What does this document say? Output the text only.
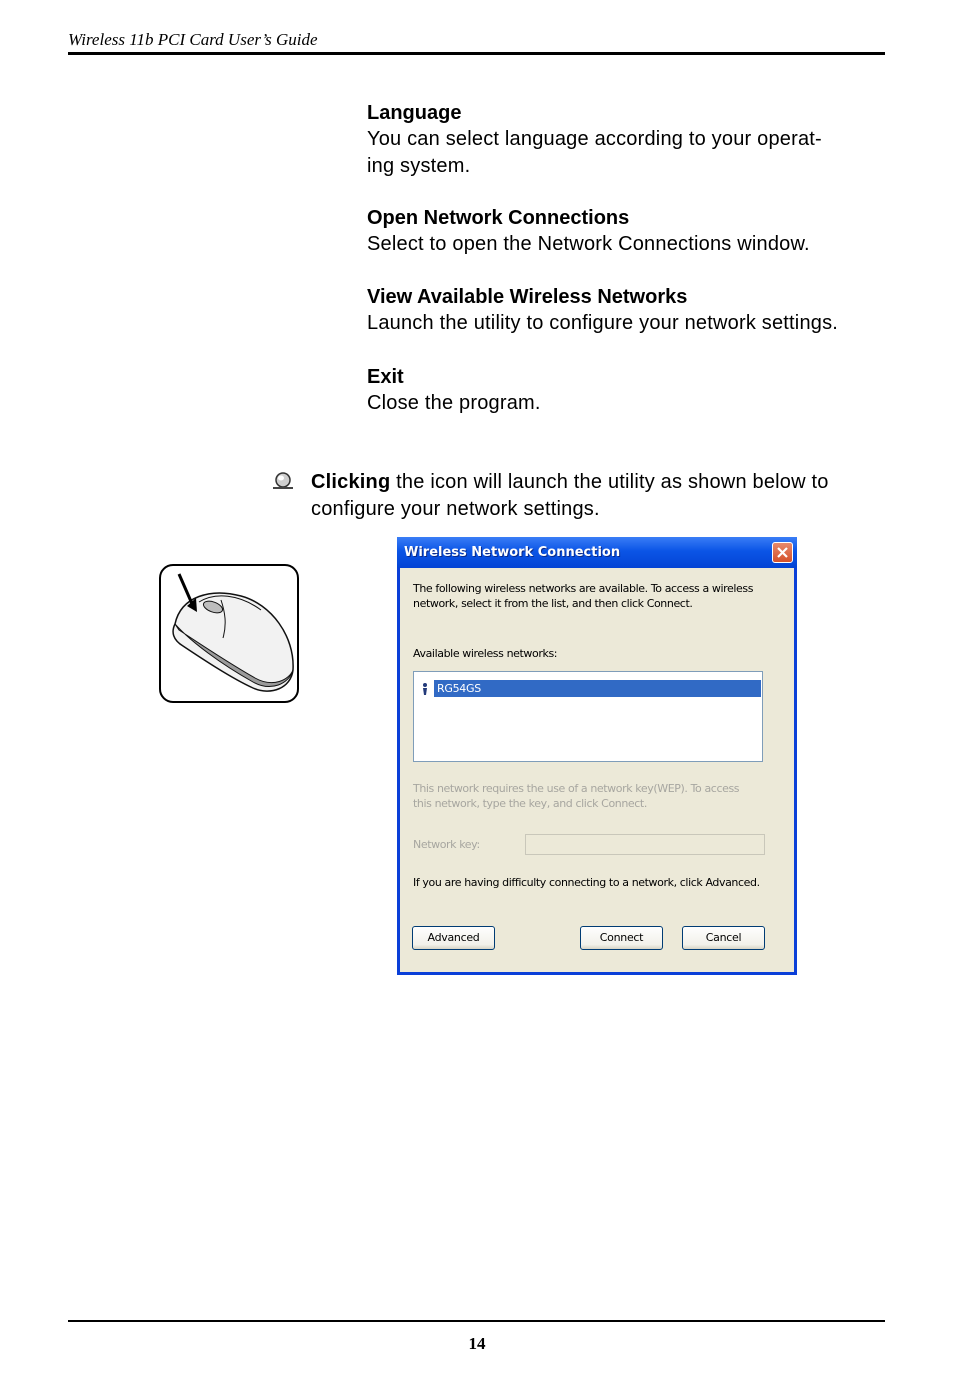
Wireless 11b PCI Card User’s Guide
Language
You can select language according to your operat-
ing system.
Open Network Connections
Select to open the Network Connections window.
View Available Wireless Networks
Launch the utility to configure your network settings.
Exit
Close the program.
Clicking the icon will launch the utility as shown below to
configure your network settings.
Wireless Network Connection
The following wireless networks are available. To access a wireless
network, select it from the list, and then click Connect.
Available wireless networks:
RG54GS
This network requires the use of a network key(WEP). To access
this network, type the key, and click Connect.
Network key:
If you are having difficulty connecting to a network, click Advanced.
Advanced	Connect	Cancel
14
